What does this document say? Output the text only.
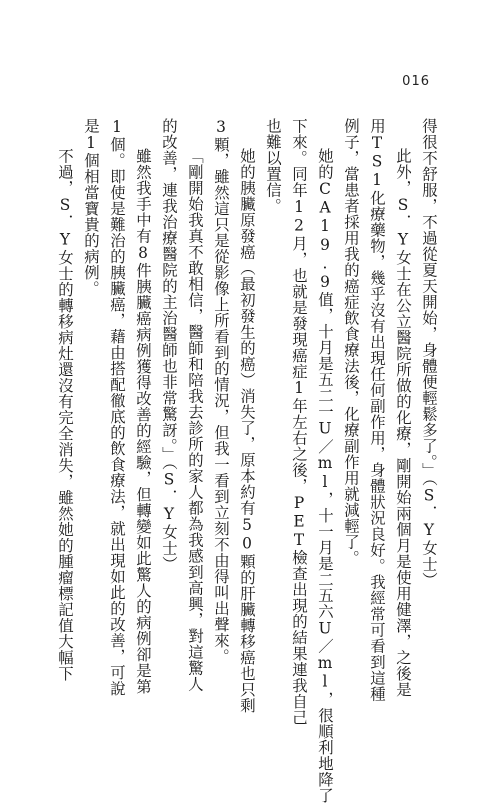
016
得很不舒服，不過從夏天開始，身體便輕鬆多了。」（S．Y女士）
此外，S．Y女士在公立醫院所做的化療，剛開始兩個月是使用健澤，之後是
用TS1化療藥物，幾乎沒有出現任何副作用，身體狀況良好。我經常可看到這種
例子，當患者採用我的癌症飲食療法後，化療副作用就減輕了。
她的CA19.9值，十月是五二一U／ml，十一月是二五六U／ml，很順利地降了
下來。同年12月，也就是發現癌症1年左右之後，PET檢查出現的結果連我自己
也難以置信。
她的胰臟原發癌（最初發生的癌）消失了，原本約有50顆的肝臟轉移癌也只剩
3顆，雖然這只是從影像上所看到的情況，但我一看到立刻不由得叫出聲來。
「剛開始我真不敢相信，醫師和陪我去診所的家人都為我感到高興，對這驚人
的改善，連我治療醫院的主治醫師也非常驚訝。」（S．Y女士）
雖然我手中有8件胰臟癌病例獲得改善的經驗，但轉變如此驚人的病例卻是第
1個。即使是難治的胰臟癌，藉由搭配徹底的飲食療法，就出現如此的改善，可說
是1個相當寶貴的病例。
不過，S．Y女士的轉移病灶還沒有完全消失，雖然她的腫瘤標記值大幅下
